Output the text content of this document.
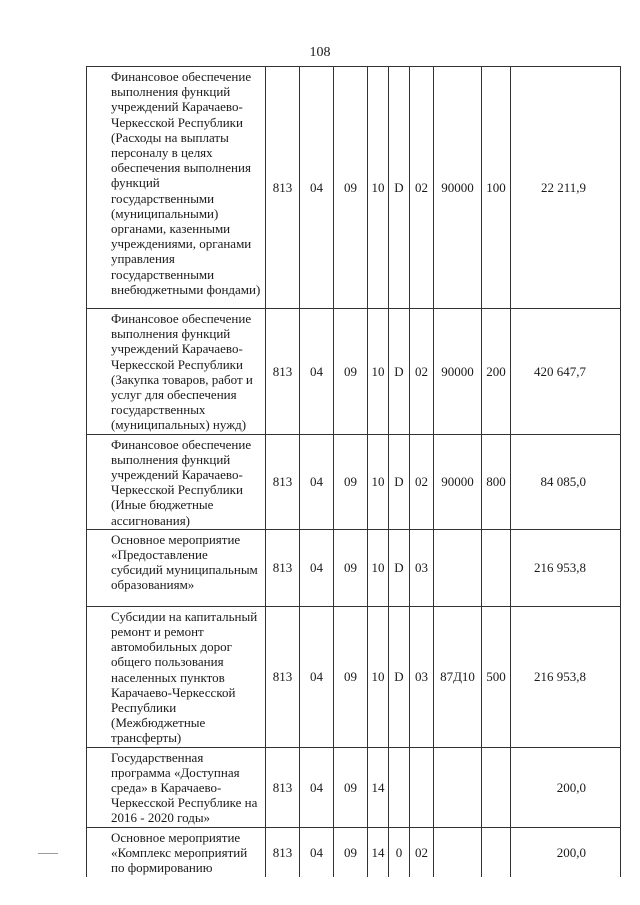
108
Финансовое обеспечение выполнения функций учреждений Карачаево-Черкесской Республики (Расходы на выплаты персоналу в целях обеспечения выполнения функций государственными (муниципальными) органами, казенными учреждениями, органами управления государственными внебюджетными фондами)	813	04	09	10	D	02	90000	100	22 211,9
Финансовое обеспечение выполнения функций учреждений Карачаево-Черкесской Республики (Закупка товаров, работ и услуг для обеспечения государственных (муниципальных) нужд)	813	04	09	10	D	02	90000	200	420 647,7
Финансовое обеспечение выполнения функций учреждений Карачаево-Черкесской Республики (Иные бюджетные ассигнования)	813	04	09	10	D	02	90000	800	84 085,0
Основное мероприятие «Предоставление субсидий муниципальным образованиям»	813	04	09	10	D	03			216 953,8
Субсидии на капитальный ремонт и ремонт автомобильных дорог общего пользования населенных пунктов Карачаево-Черкесской Республики (Межбюджетные трансферты)	813	04	09	10	D	03	87Д10	500	216 953,8
Государственная программа «Доступная среда» в Карачаево-Черкесской Республике на 2016 - 2020 годы»	813	04	09	14					200,0
Основное мероприятие «Комплекс мероприятий по формированию	813	04	09	14	0	02			200,0
